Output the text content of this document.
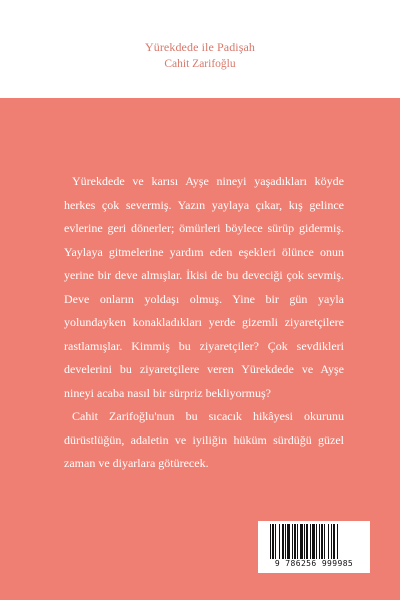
Yürekdede ile Padişah
Cahit Zarifoğlu

Yürekdede ve karısı Ayşe nineyi yaşadıkları köyde herkes çok severmiş. Yazın yaylaya çıkar, kış gelince evlerine geri dönerler; ömürleri böylece sürüp gidermiş. Yaylaya gitmelerine yardım eden eşekleri ölünce onun yerine bir deve almışlar. İkisi de bu deveciği çok sevmiş. Deve onların yoldaşı olmuş. Yine bir gün yayla yolundayken konakladıkları yerde gizemli ziyaretçilere rastlamışlar. Kimmiş bu ziyaretçiler? Çok sevdikleri develerini bu ziyaretçilere veren Yürekdede ve Ayşe nineyi acaba nasıl bir sürpriz bekliyormuş?

Cahit Zarifoğlu'nun bu sıcacık hikâyesi okurunu dürüstlüğün, adaletin ve iyiliğin hüküm sürdüğü güzel zaman ve diyarlara götürecek.

9 786256 999985
